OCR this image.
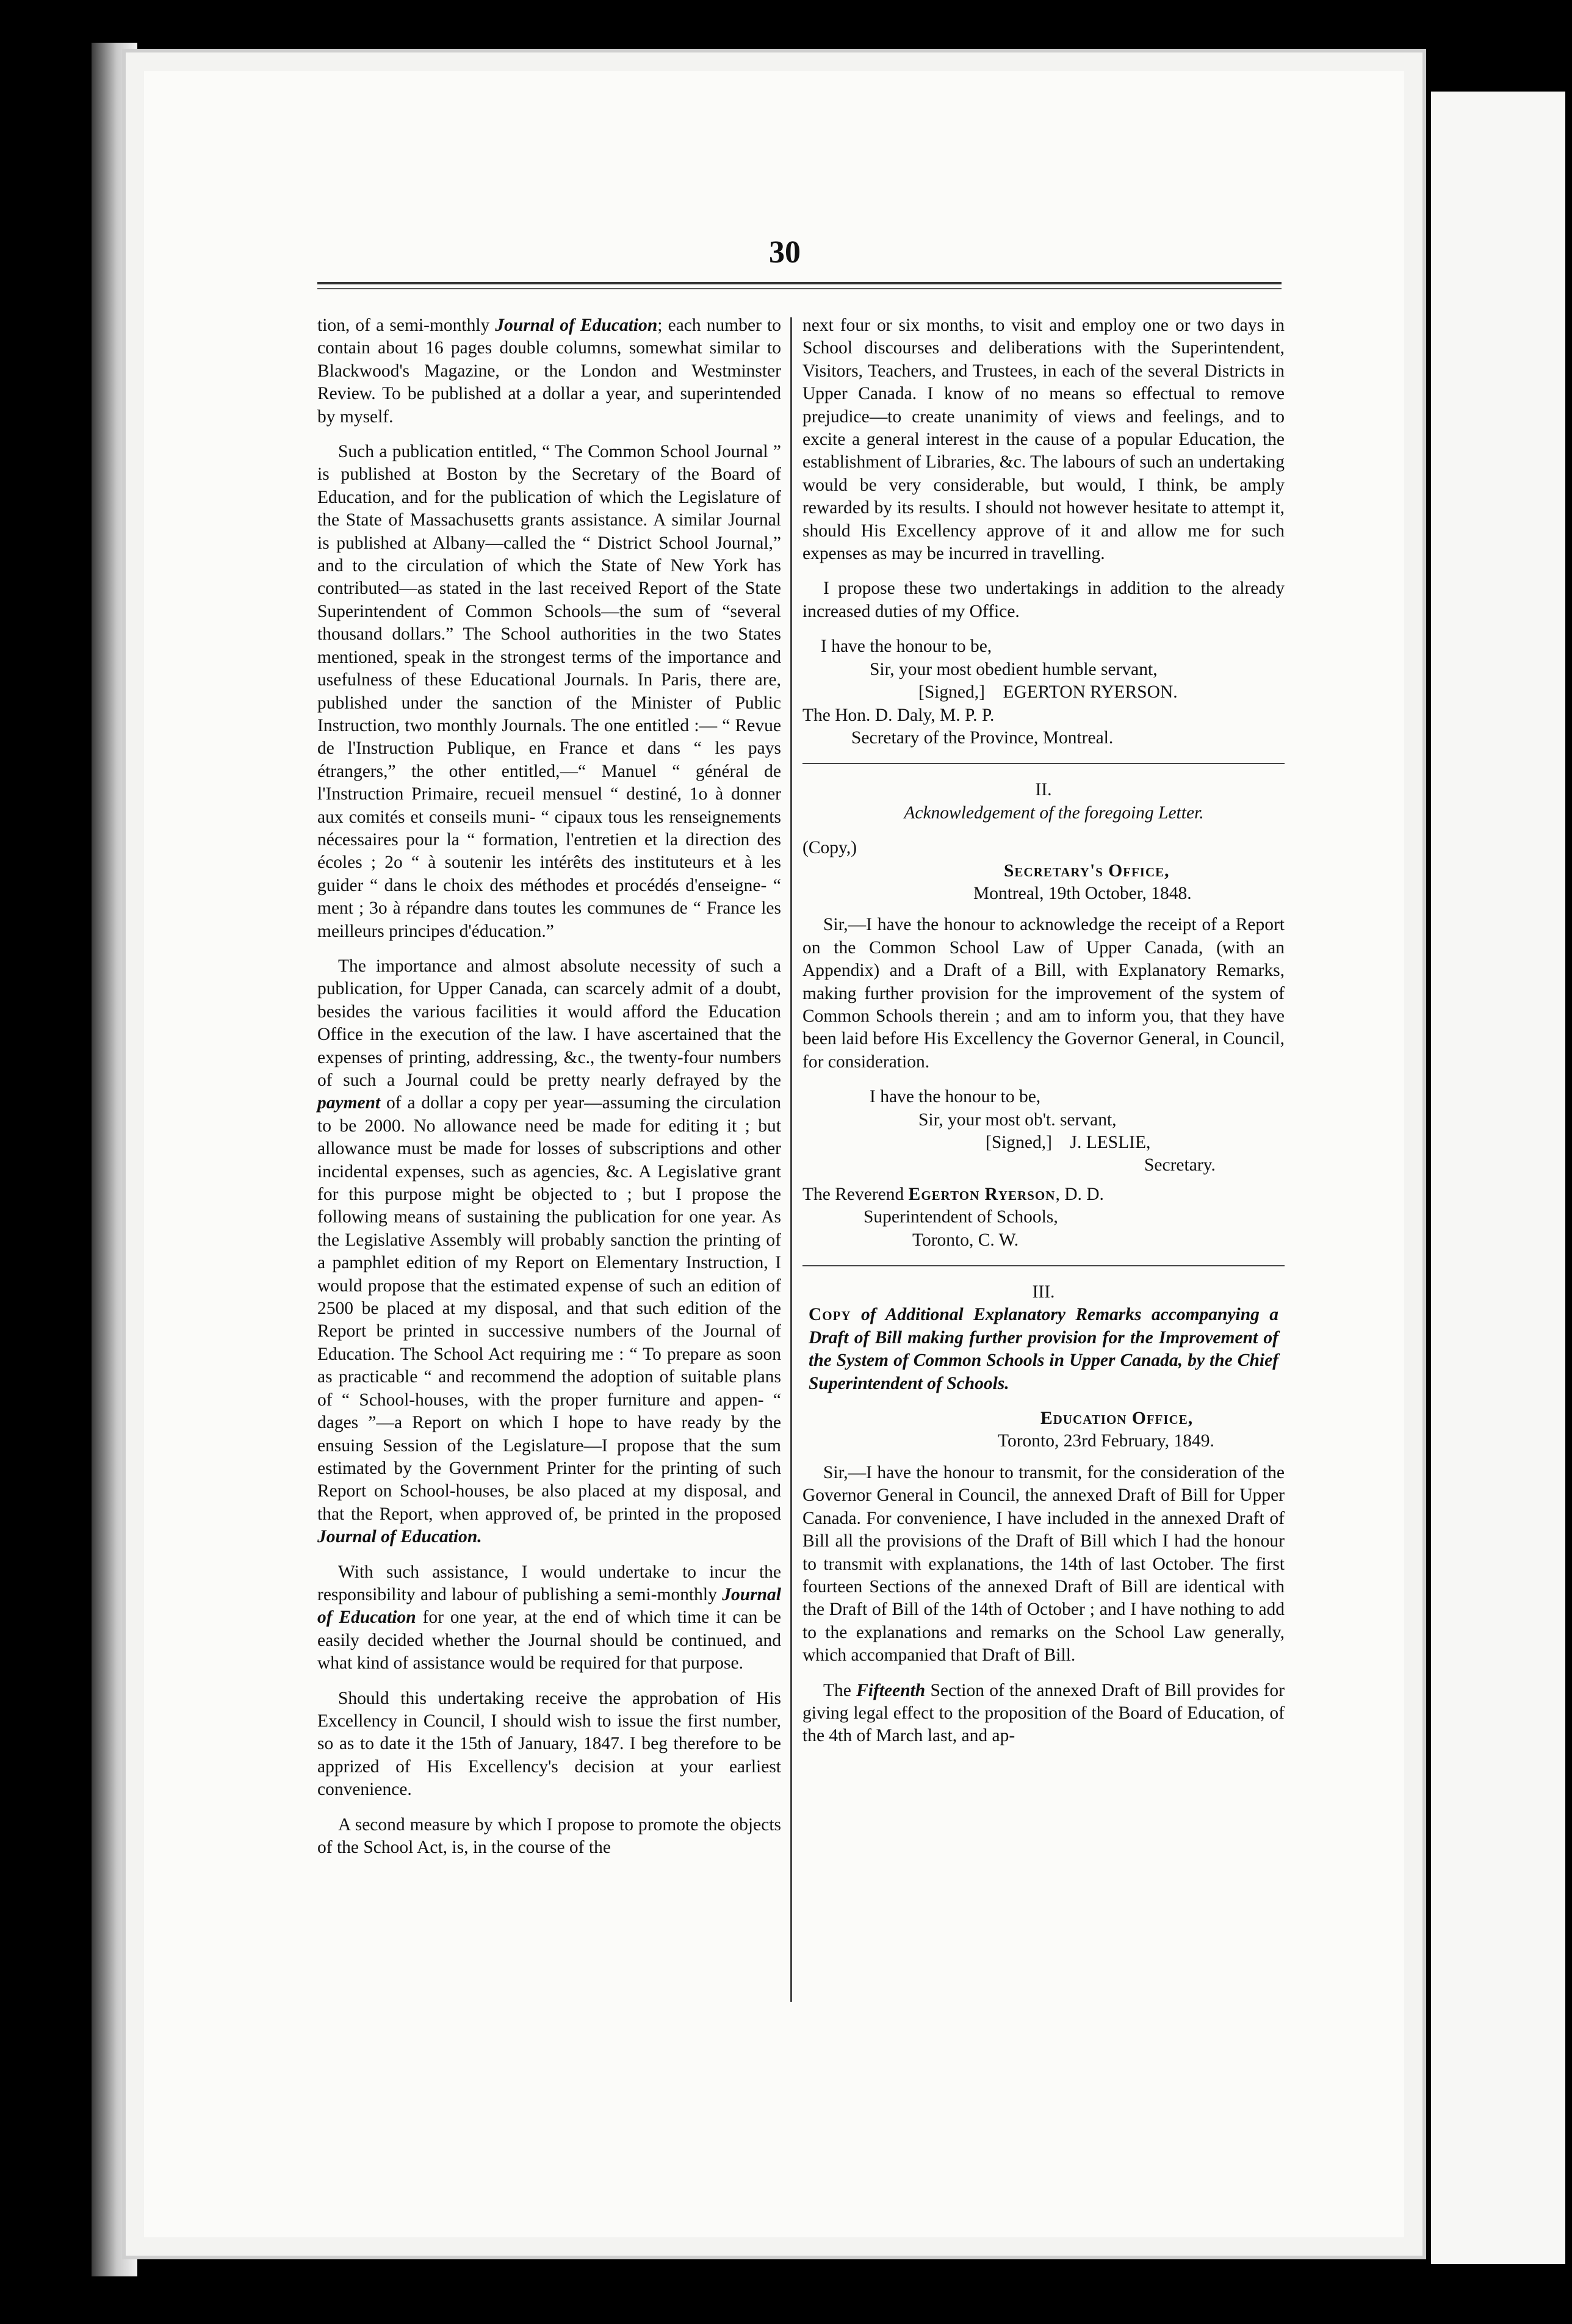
30

tion, of a semi-monthly Journal of Education; each number to contain about 16 pages double columns, somewhat similar to Blackwood's Magazine, or the London and Westminster Review. To be published at a dollar a year, and superintended by myself.

Such a publication entitled, “ The Common School Journal ” is published at Boston by the Secretary of the Board of Education, and for the publication of which the Legislature of the State of Massachusetts grants assistance. A similar Journal is published at Albany—called the “ District School Journal,” and to the circulation of which the State of New York has contributed—as stated in the last received Report of the State Superintendent of Common Schools—the sum of “several thousand dollars.” The School authorities in the two States mentioned, speak in the strongest terms of the importance and usefulness of these Educational Journals. In Paris, there are, published under the sanction of the Minister of Public Instruction, two monthly Journals. The one entitled :— “ Revue de l'Instruction Publique, en France et dans “ les pays étrangers,” the other entitled,—“ Manuel “ général de l'Instruction Primaire, recueil mensuel “ destiné, 1o à donner aux comités et conseils muni- “ cipaux tous les renseignements nécessaires pour la “ formation, l'entretien et la direction des écoles ; 2o “ à soutenir les intérêts des instituteurs et à les guider “ dans le choix des méthodes et procédés d'enseigne- “ ment ; 3o à répandre dans toutes les communes de “ France les meilleurs principes d'éducation.”

The importance and almost absolute necessity of such a publication, for Upper Canada, can scarcely admit of a doubt, besides the various facilities it would afford the Education Office in the execution of the law. I have ascertained that the expenses of printing, addressing, &c., the twenty-four numbers of such a Journal could be pretty nearly defrayed by the payment of a dollar a copy per year—assuming the circulation to be 2000. No allowance need be made for editing it ; but allowance must be made for losses of subscriptions and other incidental expenses, such as agencies, &c. A Legislative grant for this purpose might be objected to ; but I propose the following means of sustaining the publication for one year. As the Legislative Assembly will probably sanction the printing of a pamphlet edition of my Report on Elementary Instruction, I would propose that the estimated expense of such an edition of 2500 be placed at my disposal, and that such edition of the Report be printed in successive numbers of the Journal of Education. The School Act requiring me : “ To prepare as soon as practicable “ and recommend the adoption of suitable plans of “ School-houses, with the proper furniture and appen- “ dages ”—a Report on which I hope to have ready by the ensuing Session of the Legislature—I propose that the sum estimated by the Government Printer for the printing of such Report on School-houses, be also placed at my disposal, and that the Report, when approved of, be printed in the proposed Journal of Education.

With such assistance, I would undertake to incur the responsibility and labour of publishing a semi-monthly Journal of Education for one year, at the end of which time it can be easily decided whether the Journal should be continued, and what kind of assistance would be required for that purpose.

Should this undertaking receive the approbation of His Excellency in Council, I should wish to issue the first number, so as to date it the 15th of January, 1847. I beg therefore to be apprized of His Excellency's decision at your earliest convenience.

A second measure by which I propose to promote the objects of the School Act, is, in the course of the

next four or six months, to visit and employ one or two days in School discourses and deliberations with the Superintendent, Visitors, Teachers, and Trustees, in each of the several Districts in Upper Canada. I know of no means so effectual to remove prejudice—to create unanimity of views and feelings, and to excite a general interest in the cause of a popular Education, the establishment of Libraries, &c. The labours of such an undertaking would be very considerable, but would, I think, be amply rewarded by its results. I should not however hesitate to attempt it, should His Excellency approve of it and allow me for such expenses as may be incurred in travelling.

I propose these two undertakings in addition to the already increased duties of my Office.

I have the honour to be,

Sir, your most obedient humble servant,

[Signed,] EGERTON RYERSON.

The Hon. D. Daly, M. P. P.

Secretary of the Province, Montreal.

II.

Acknowledgement of the foregoing Letter.

(Copy,)

Secretary's Office,

Montreal, 19th October, 1848.

Sir,—I have the honour to acknowledge the receipt of a Report on the Common School Law of Upper Canada, (with an Appendix) and a Draft of a Bill, with Explanatory Remarks, making further provision for the improvement of the system of Common Schools therein ; and am to inform you, that they have been laid before His Excellency the Governor General, in Council, for consideration.

I have the honour to be,

Sir, your most ob't. servant,

[Signed,] J. LESLIE,

Secretary.

The Reverend Egerton Ryerson, D. D.

Superintendent of Schools,

Toronto, C. W.

III.

Copy of Additional Explanatory Remarks accompanying a Draft of Bill making further provision for the Improvement of the System of Common Schools in Upper Canada, by the Chief Superintendent of Schools.

Education Office,

Toronto, 23rd February, 1849.

Sir,—I have the honour to transmit, for the consideration of the Governor General in Council, the annexed Draft of Bill for Upper Canada. For convenience, I have included in the annexed Draft of Bill all the provisions of the Draft of Bill which I had the honour to transmit with explanations, the 14th of last October. The first fourteen Sections of the annexed Draft of Bill are identical with the Draft of Bill of the 14th of October ; and I have nothing to add to the explanations and remarks on the School Law generally, which accompanied that Draft of Bill.

The Fifteenth Section of the annexed Draft of Bill provides for giving legal effect to the proposition of the Board of Education, of the 4th of March last, and ap-
